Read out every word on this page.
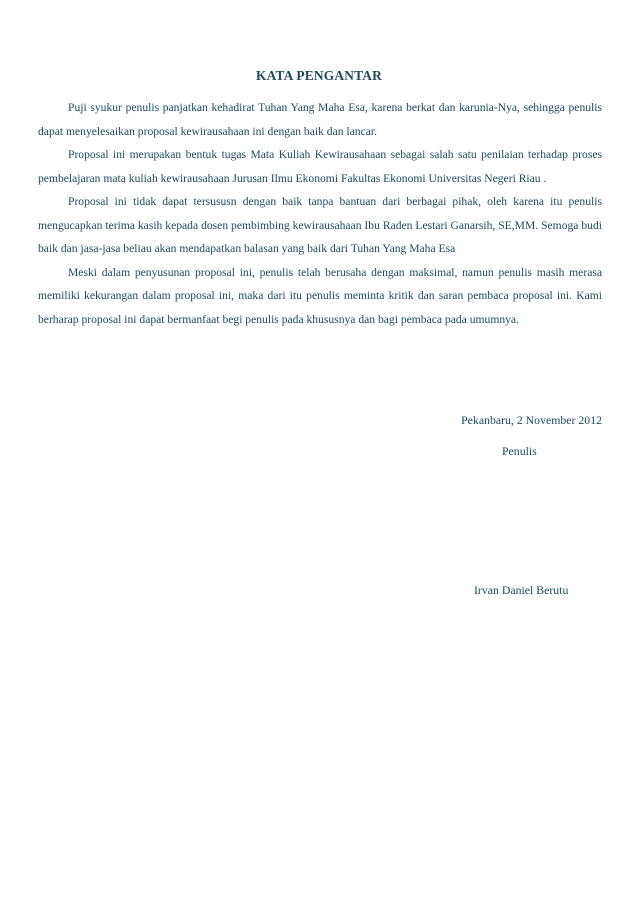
KATA PENGANTAR

Puji syukur penulis panjatkan kehadirat Tuhan Yang Maha Esa, karena berkat dan karunia-Nya, sehingga penulis dapat menyelesaikan proposal kewirausahaan ini dengan baik dan lancar.

Proposal ini merupakan bentuk tugas Mata Kuliah Kewirausahaan sebagai salah satu penilaian terhadap proses pembelajaran mata kuliah kewirausahaan Jurusan Ilmu Ekonomi Fakultas Ekonomi Universitas Negeri Riau .

Proposal ini tidak dapat tersususn dengan baik tanpa bantuan dari berbagai pihak, oleh karena itu penulis mengucapkan terima kasih kepada dosen pembimbing kewirausahaan Ibu Raden Lestari Ganarsih, SE,MM. Semoga budi baik dan jasa-jasa beliau akan mendapatkan balasan yang baik dari Tuhan Yang Maha Esa

Meski dalam penyusunan proposal ini, penulis telah berusaha dengan maksimal, namun penulis masih merasa memiliki kekurangan dalam proposal ini, maka dari itu penulis meminta kritik dan saran pembaca proposal ini. Kami berharap proposal ini dapat bermanfaat begi penulis pada khususnya dan bagi pembaca pada umumnya.

Pekanbaru, 2 November 2012
Penulis
Irvan Daniel Berutu
